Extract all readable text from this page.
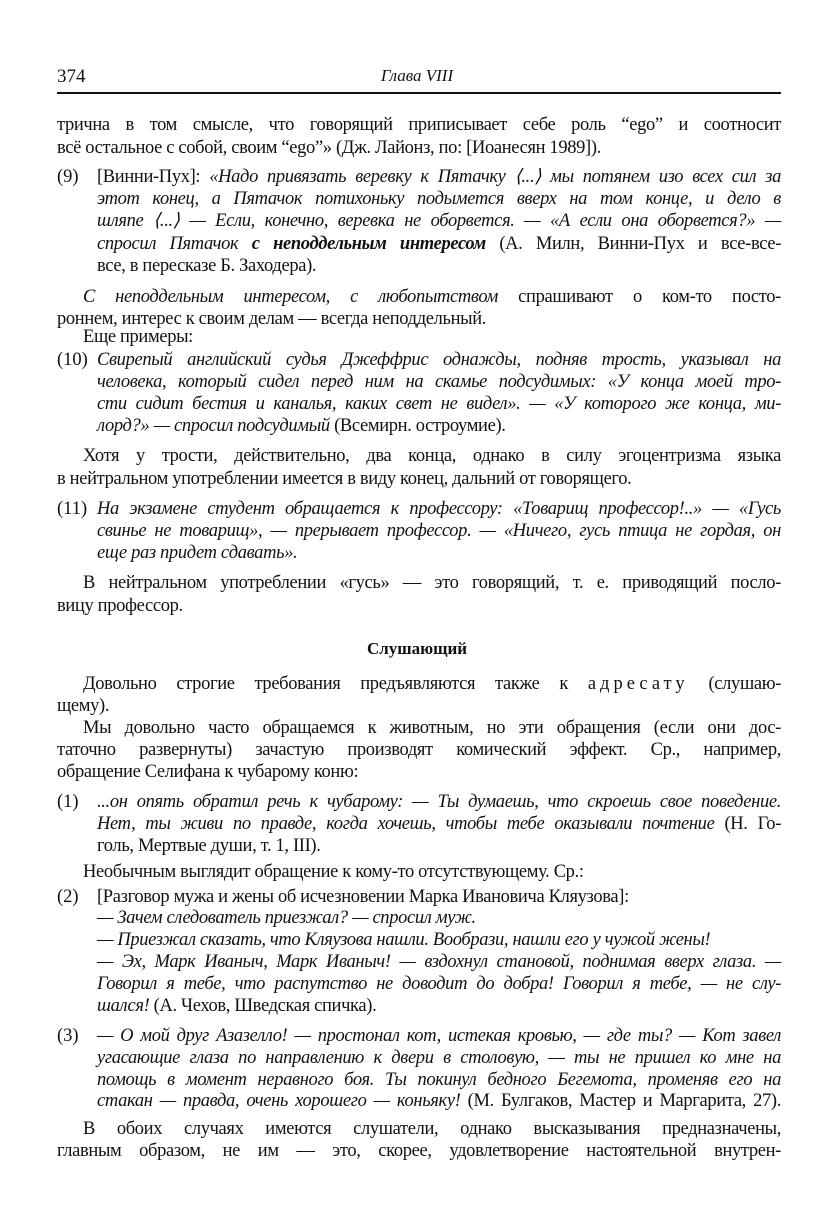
374	Глава VIII
Слушающий
трична в том смысле, что говорящий приписывает себе роль “ego” и соотносит
всё остальное с собой, своим “ego”» (Дж. Лайонз, по: [Иоанесян 1989]).
(9) [Винни-Пух]: «Надо привязать веревку к Пятачку ⟨...⟩ мы потянем изо всех сил за
этот конец, а Пятачок потихоньку подымется вверх на том конце, и дело в
шляпе ⟨...⟩ — Если, конечно, веревка не оборвется. — «А если она оборвется?» —
спросил Пятачок с неподдельным интересом (А. Милн, Винни-Пух и все-все-
все, в пересказе Б. Заходера).
С неподдельным интересом, с любопытством спрашивают о ком-то посто-
роннем, интерес к своим делам — всегда неподдельный.
Еще примеры:
(10) Свирепый английский судья Джеффрис однажды, подняв трость, указывал на
человека, который сидел перед ним на скамье подсудимых: «У конца моей тро-
сти сидит бестия и каналья, каких свет не видел». — «У которого же конца, ми-
лорд?» — спросил подсудимый (Всемирн. остроумие).
Хотя у трости, действительно, два конца, однако в силу эгоцентризма языка
в нейтральном употреблении имеется в виду конец, дальний от говорящего.
(11) На экзамене студент обращается к профессору: «Товарищ профессор!..» — «Гусь
свинье не товарищ», — прерывает профессор. — «Ничего, гусь птица не гордая, он
еще раз придет сдавать».
В нейтральном употреблении «гусь» — это говорящий, т. е. приводящий посло-
вицу профессор.
Довольно строгие требования предъявляются также к адресату (слушаю-
щему).
Мы довольно часто обращаемся к животным, но эти обращения (если они дос-
таточно развернуты) зачастую производят комический эффект. Ср., например,
обращение Селифана к чубарому коню:
(1) ...он опять обратил речь к чубарому: — Ты думаешь, что скроешь свое поведение.
Нет, ты живи по правде, когда хочешь, чтобы тебе оказывали почтение (Н. Го-
голь, Мертвые души, т. 1, III).
Необычным выглядит обращение к кому-то отсутствующему. Ср.:
(2) [Разговор мужа и жены об исчезновении Марка Ивановича Кляузова]:
— Зачем следователь приезжал? — спросил муж.
— Приезжал сказать, что Кляузова нашли. Вообрази, нашли его у чужой жены!
— Эх, Марк Иваныч, Марк Иваныч! — вздохнул становой, поднимая вверх глаза. —
Говорил я тебе, что распутство не доводит до добра! Говорил я тебе, — не слу-
шался! (А. Чехов, Шведская спичка).
(3) — О мой друг Азазелло! — простонал кот, истекая кровью, — где ты? — Кот завел
угасающие глаза по направлению к двери в столовую, — ты не пришел ко мне на
помощь в момент неравного боя. Ты покинул бедного Бегемота, променяв его на
стакан — правда, очень хорошего — коньяку! (М. Булгаков, Мастер и Маргарита, 27).
В обоих случаях имеются слушатели, однако высказывания предназначены,
главным образом, не им — это, скорее, удовлетворение настоятельной внутрен-
